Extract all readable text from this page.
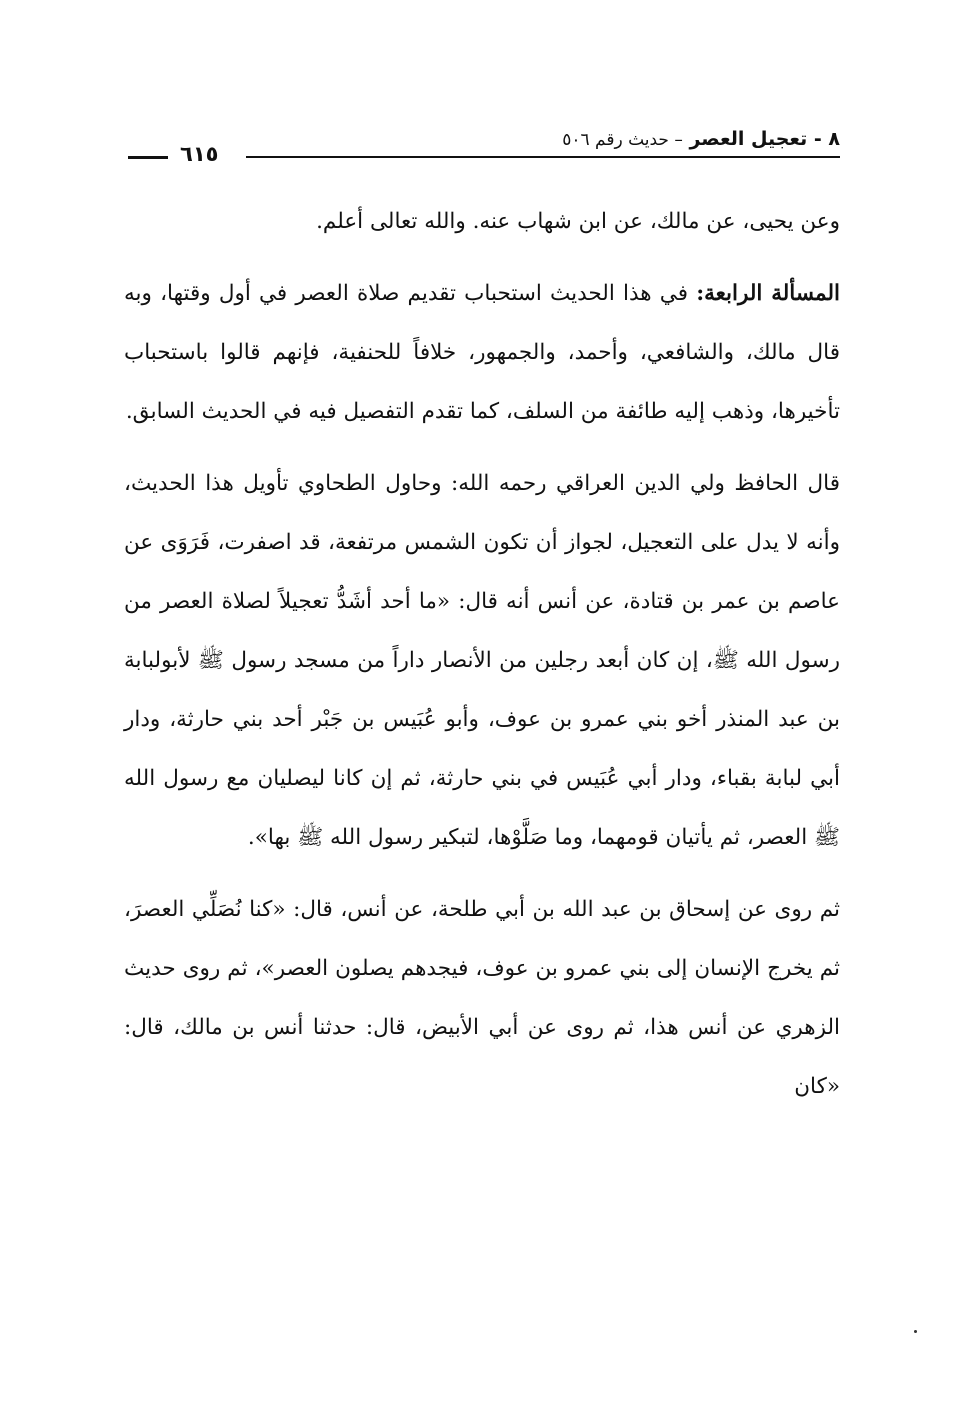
٨ - تعجيل العصر – حديث رقم ٥٠٦
٦١٥

وعن يحيى، عن مالك، عن ابن شهاب عنه. والله تعالى أعلم.

المسألة الرابعة: في هذا الحديث استحباب تقديم صلاة العصر في أول وقتها، وبه قال مالك، والشافعي، وأحمد، والجمهور، خلافاً للحنفية، فإنهم قالوا باستحباب تأخيرها، وذهب إليه طائفة من السلف، كما تقدم التفصيل فيه في الحديث السابق.

قال الحافظ ولي الدين العراقي رحمه الله: وحاول الطحاوي تأويل هذا الحديث، وأنه لا يدل على التعجيل، لجواز أن تكون الشمس مرتفعة، قد اصفرت، فَرَوَى عن عاصم بن عمر بن قتادة، عن أنس أنه قال: «ما أحد أشَدُّ تعجيلاً لصلاة العصر من رسول الله ﷺ، إن كان أبعد رجلين من الأنصار داراً من مسجد رسول ﷺ لأبولبابة بن عبد المنذر أخو بني عمرو بن عوف، وأبو عُبَيس بن جَبْر أحد بني حارثة، ودار أبي لبابة بقباء، ودار أبي عُبَيس في بني حارثة، ثم إن كانا ليصليان مع رسول الله ﷺ العصر، ثم يأتيان قومهما، وما صَلَّوْها، لتبكير رسول الله ﷺ بها».

ثم روى عن إسحاق بن عبد الله بن أبي طلحة، عن أنس، قال: «كنا نُصَلِّي العصرَ، ثم يخرج الإنسان إلى بني عمرو بن عوف، فيجدهم يصلون العصر»، ثم روى حديث الزهري عن أنس هذا، ثم روى عن أبي الأبيض، قال: حدثنا أنس بن مالك، قال: «كان
